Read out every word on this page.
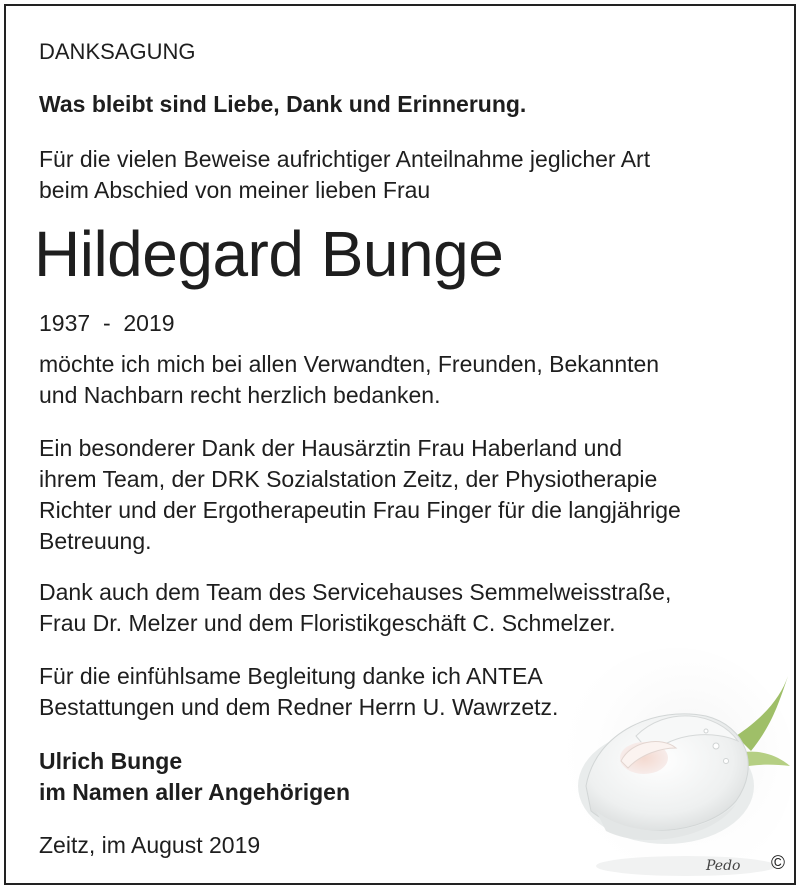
DANKSAGUNG
Was bleibt sind Liebe, Dank und Erinnerung.
Für die vielen Beweise aufrichtiger Anteilnahme jeglicher Art
beim Abschied von meiner lieben Frau
Hildegard Bunge
1937  -  2019
möchte ich mich bei allen Verwandten, Freunden, Bekannten
und Nachbarn recht herzlich bedanken.
Ein besonderer Dank der Hausärztin Frau Haberland und
ihrem Team, der DRK Sozialstation Zeitz, der Physiotherapie
Richter und der Ergotherapeutin Frau Finger für die langjährige
Betreuung.
Dank auch dem Team des Servicehauses Semmelweisstraße,
Frau Dr. Melzer und dem Floristikgeschäft C. Schmelzer.
Für die einfühlsame Begleitung danke ich ANTEA
Bestattungen und dem Redner Herrn U. Wawrzetz.
Ulrich Bunge
im Namen aller Angehörigen
Zeitz, im August 2019
Pedo ©
